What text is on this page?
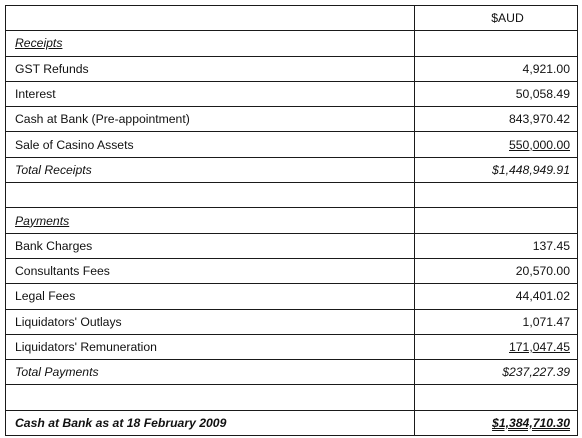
	$AUD
Receipts	
GST Refunds	4,921.00
Interest	50,058.49
Cash at Bank (Pre-appointment)	843,970.42
Sale of Casino Assets	550,000.00
Total Receipts	$1,448,949.91

Payments	
Bank Charges	137.45
Consultants Fees	20,570.00
Legal Fees	44,401.02
Liquidators' Outlays	1,071.47
Liquidators' Remuneration	171,047.45
Total Payments	$237,227.39

Cash at Bank as at 18 February 2009	$1,384,710.30
